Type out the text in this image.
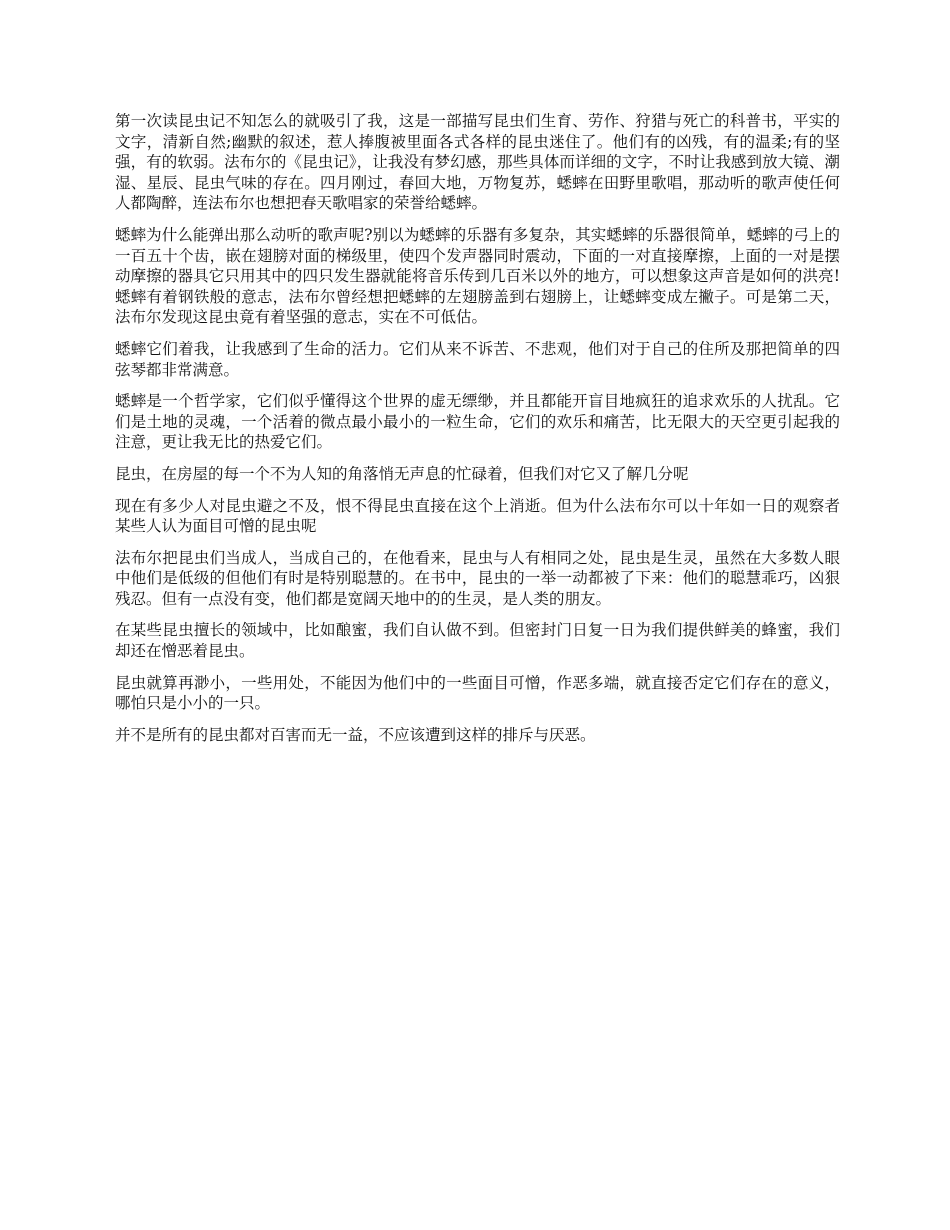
第一次读昆虫记不知怎么的就吸引了我，这是一部描写昆虫们生育、劳作、狩猎与死亡的科普书，平实的文字，清新自然;幽默的叙述，惹人捧腹被里面各式各样的昆虫迷住了。他们有的凶残，有的温柔;有的坚强，有的软弱。法布尔的《昆虫记》，让我没有梦幻感，那些具体而详细的文字，不时让我感到放大镜、潮湿、星辰、昆虫气味的存在。四月刚过，春回大地，万物复苏，蟋蟀在田野里歌唱，那动听的歌声使任何人都陶醉，连法布尔也想把春天歌唱家的荣誉给蟋蟀。

蟋蟀为什么能弹出那么动听的歌声呢?别以为蟋蟀的乐器有多复杂，其实蟋蟀的乐器很简单，蟋蟀的弓上的一百五十个齿，嵌在翅膀对面的梯级里，使四个发声器同时震动，下面的一对直接摩擦，上面的一对是摆动摩擦的器具它只用其中的四只发生器就能将音乐传到几百米以外的地方，可以想象这声音是如何的洪亮!蟋蟀有着钢铁般的意志，法布尔曾经想把蟋蟀的左翅膀盖到右翅膀上，让蟋蟀变成左撇子。可是第二天，法布尔发现这昆虫竟有着坚强的意志，实在不可低估。

蟋蟀它们着我，让我感到了生命的活力。它们从来不诉苦、不悲观，他们对于自己的住所及那把简单的四弦琴都非常满意。

蟋蟀是一个哲学家，它们似乎懂得这个世界的虚无缥缈，并且都能开盲目地疯狂的追求欢乐的人扰乱。它们是土地的灵魂，一个活着的微点最小最小的一粒生命，它们的欢乐和痛苦，比无限大的天空更引起我的注意，更让我无比的热爱它们。

昆虫，在房屋的每一个不为人知的角落悄无声息的忙碌着，但我们对它又了解几分呢

现在有多少人对昆虫避之不及，恨不得昆虫直接在这个上消逝。但为什么法布尔可以十年如一日的观察者某些人认为面目可憎的昆虫呢

法布尔把昆虫们当成人，当成自己的，在他看来，昆虫与人有相同之处，昆虫是生灵，虽然在大多数人眼中他们是低级的但他们有时是特别聪慧的。在书中，昆虫的一举一动都被了下来：他们的聪慧乖巧，凶狠残忍。但有一点没有变，他们都是宽阔天地中的的生灵，是人类的朋友。

在某些昆虫擅长的领域中，比如酿蜜，我们自认做不到。但密封门日复一日为我们提供鲜美的蜂蜜，我们却还在憎恶着昆虫。

昆虫就算再渺小，一些用处，不能因为他们中的一些面目可憎，作恶多端，就直接否定它们存在的意义，哪怕只是小小的一只。

并不是所有的昆虫都对百害而无一益，不应该遭到这样的排斥与厌恶。
